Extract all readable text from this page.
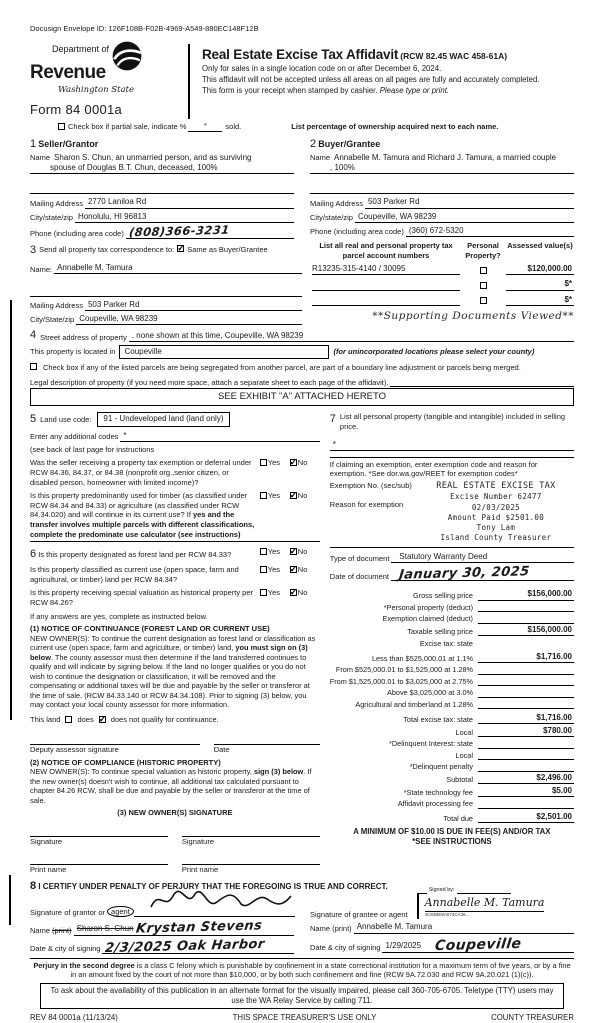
Docusign Envelope ID: 126F108B-F02B-4969-A549-880EC148F12B
Department of
Revenue
Washington State
Form 84 0001a
Real Estate Excise Tax Affidavit (RCW 82.45 WAC 458-61A)
Only for sales in a single location code on or after December 6, 2024.
This affidavit will not be accepted unless all areas on all pages are fully and accurately completed.
This form is your receipt when stamped by cashier. Please type or print.
Check box if partial sale, indicate %	*	sold.	List percentage of ownership acquired next to each name.
1 Seller/Grantor
Name Sharon S. Chun, an unmarried person, and as surviving
spouse of Douglas B.T. Chun, deceased, 100%

Mailing Address 2770 Laniloa Rd
City/state/zip Honolulu, HI 96813
Phone (including area code) (808)366-3231
2 Buyer/Grantee
Name Annabelle M. Tamura and Richard J. Tamura, a married couple
, 100%

Mailing Address 503 Parker Rd
City/state/zip Coupeville, WA 98239
Phone (including area code) (360) 672-5320
3 Send all property tax correspondence to: ✓	Same as Buyer/Grantee
Name: Annabelle M. Tamura

Mailing Address 503 Parker Rd
City/State/zip Coupeville, WA 98239
List all real and personal property tax parcel account numbers
Personal Property?
Assessed value(s)
R13235-315-4140 / 30095	$120,000.00
$*
$*
**Supporting Documents Viewed**
4 Street address of property . none shown at this time, Coupeville, WA 98239
This property is located in	Coupeville	(for unincorporated locations please select your county)
Check box if any of the listed parcels are being segregated from another parcel, are part of a boundary line adjustment or parcels being merged.
Legal description of property (if you need more space, attach a separate sheet to each page of the affidavit).

SEE EXHIBIT "A" ATTACHED HERETO
5 Land use code:	91 - Undeveloped land (land only)
Enter any additional codes *
(see back of last page for instructions
Was the seller receiving a property tax exemption or deferral under RCW 84.36, 84.37, or 84.38 (nonprofit org.,senior citizen, or disabled person, homeowner with limited income)?
Yes ✓	No
Is this property predominantly used for timber (as classified under RCW 84.34 and 84.33) or agriculture (as classified under RCW 84.34.020) and will continue in its current use? If yes and the transfer involves multiple parcels with different classifications, complete the predominate use calculator (see instructions)
Yes ✓	No
6 Is this property designated as forest land per RCW 84.33?	Yes ✓	No
Is this property classified as current use (open space, farm and agricultural, or timber) land per RCW 84.34?
Yes ✓	No
Is this property receiving special valuation as historical property per RCW 84.26?
Yes ✓	No
If any answers are yes, complete as instructed below.
(1) NOTICE OF CONTINUANCE (FOREST LAND OR CURRENT USE)
NEW OWNER(S): To continue the current designation as forest land or classification as current use (open space, farm and agriculture, or timber) land, you must sign on (3) below. The county assessor must then determine if the land transferred continues to qualify and will indicate by signing below. If the land no longer qualifies or you do not wish to continue the designation or classification, it will be removed and the compensating or additional taxes will be due and payable by the seller or transferor at the time of sale. (RCW 84.33.140 or RCW 84.34.108). Prior to signing (3) below, you may contact your local county assessor for more information.
This land does ✓ does not qualify for continuance.
Deputy assessor signature	Date
(2) NOTICE OF COMPLIANCE (HISTORIC PROPERTY)
NEW OWNER(S): To continue special valuation as historic property, sign (3) below. If the new owner(s) doesn't wish to continue, all additional tax calculated pursuant to chapter 84.26 RCW, shall be due and payable by the seller or transferor at the time of sale.
(3) NEW OWNER(S) SIGNATURE
Signature	Signature
Print name	Print name
7 List all personal property (tangible and intangible) included in selling price.
*
If claiming an exemption, enter exemption code and reason for exemption. *See dor.wa.gov/REET for exemption codes*
Exemption No. (sec/sub)
Reason for exemption
REAL ESTATE EXCISE TAX
Excise Number 62477
02/03/2025
Amount Paid $2501.00
Tony Lam
Island County Treasurer
Type of document	Statutory Warranty Deed
Date of document January 30, 2025
Gross selling price	$156,000.00
*Personal property (deduct)
Exemption claimed (deduct)
Taxable selling price	$156,000.00
Excise tax: state
Less than $525,000.01 at 1.1%	$1,716.00
From $525,000.01 to $1,525,000 at 1.28%
From $1,525,000.01 to $3,025,000 at 2.75%
Above $3,025,000 at 3.0%
Agricultural and timberland at 1.28%
Total excise tax: state	$1,716.00
Local	$780.00
*Delinquent Interest: state
Local
*Delinquent penalty
Subtotal	$2,496.00
*State technology fee	$5.00
Affidavit processing fee
Total due	$2,501.00
A MINIMUM OF $10.00 IS DUE IN FEE(S) AND/OR TAX
*SEE INSTRUCTIONS
8 I CERTIFY UNDER PENALTY OF PERJURY THAT THE FOREGOING IS TRUE AND CORRECT.
Signature of grantor or agent
Name (print) Sharon S. Chun Krystan Stevens
Date & city of signing 2/3/2025 Oak Harbor
Signature of grantee or agent
Signed by:
Annabelle M. Tamura
4C84BE9A674CA36...
Name (print) Annabelle M. Tamura
Date & city of signing 1/29/2025 Coupeville
Perjury in the second degree is a class C felony which is punishable by confinement in a state correctional institution for a maximum term of five years, or by a fine in an amount fixed by the court of not more than $10,000, or by both such confinement and fine (RCW 9A.72.030 and RCW 9A.20.021 (1)(c)).
To ask about the availability of this publication in an alternate format for the visually impaired, please call 360-705-6705. Teletype (TTY) users may use the WA Relay Service by calling 711.
REV 84 0001a (11/13/24)	THIS SPACE TREASURER'S USE ONLY	COUNTY TREASURER
